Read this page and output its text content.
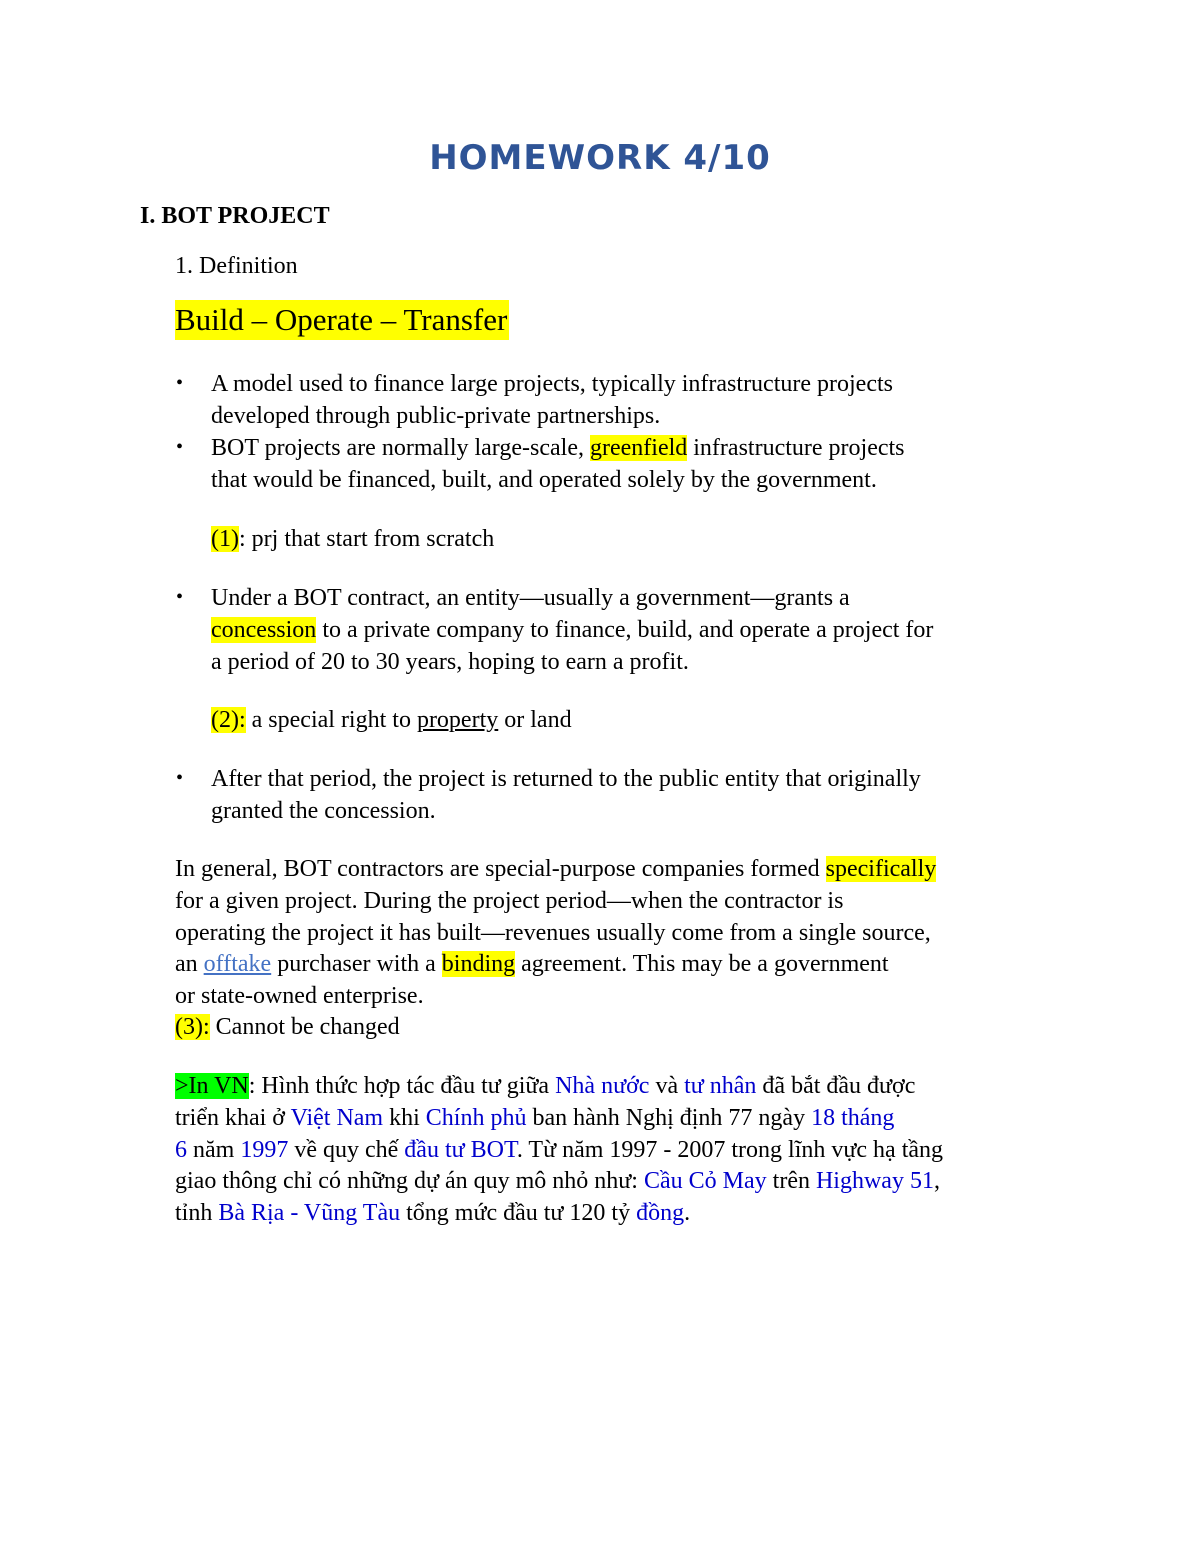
HOMEWORK 4/10
I. BOT PROJECT
1. Definition
Build – Operate – Transfer
• A model used to finance large projects, typically infrastructure projects
developed through public-private partnerships.
• BOT projects are normally large-scale, greenfield infrastructure projects
that would be financed, built, and operated solely by the government.
(1): prj that start from scratch
• Under a BOT contract, an entity—usually a government—grants a
concession to a private company to finance, build, and operate a project for
a period of 20 to 30 years, hoping to earn a profit.
(2): a special right to property or land
• After that period, the project is returned to the public entity that originally
granted the concession.
In general, BOT contractors are special-purpose companies formed specifically
for a given project. During the project period—when the contractor is
operating the project it has built—revenues usually come from a single source,
an offtake purchaser with a binding agreement. This may be a government
or state-owned enterprise.
(3): Cannot be changed
>In VN: Hình thức hợp tác đầu tư giữa Nhà nước và tư nhân đã bắt đầu được
triển khai ở Việt Nam khi Chính phủ ban hành Nghị định 77 ngày 18 tháng
6 năm 1997 về quy chế đầu tư BOT. Từ năm 1997 - 2007 trong lĩnh vực hạ tầng
giao thông chỉ có những dự án quy mô nhỏ như: Cầu Cỏ May trên Highway 51,
tỉnh Bà Rịa - Vũng Tàu tổng mức đầu tư 120 tỷ đồng.
